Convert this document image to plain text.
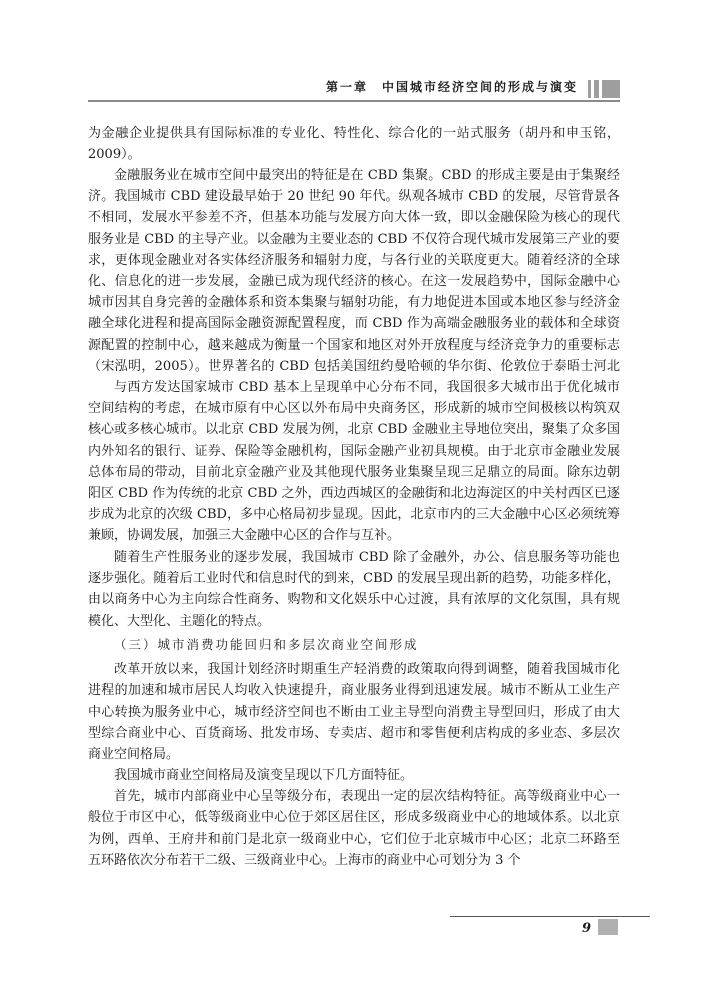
第一章　中国城市经济空间的形成与演变

为金融企业提供具有国际标准的专业化、特性化、综合化的一站式服务（胡丹和申玉铭，2009）。

金融服务业在城市空间中最突出的特征是在 CBD 集聚。CBD 的形成主要是由于集聚经济。我国城市 CBD 建设最早始于 20 世纪 90 年代。纵观各城市 CBD 的发展，尽管背景各不相同，发展水平参差不齐，但基本功能与发展方向大体一致，即以金融保险为核心的现代服务业是 CBD 的主导产业。以金融为主要业态的 CBD 不仅符合现代城市发展第三产业的要求，更体现金融业对各实体经济服务和辐射力度，与各行业的关联度更大。随着经济的全球化、信息化的进一步发展，金融已成为现代经济的核心。在这一发展趋势中，国际金融中心城市因其自身完善的金融体系和资本集聚与辐射功能，有力地促进本国或本地区参与经济金融全球化进程和提高国际金融资源配置程度，而 CBD 作为高端金融服务业的载体和全球资源配置的控制中心，越来越成为衡量一个国家和地区对外开放程度与经济竞争力的重要标志（宋泓明，2005）。世界著名的 CBD 包括美国纽约曼哈顿的华尔街、伦敦位于泰晤士河北

与西方发达国家城市 CBD 基本上呈现单中心分布不同，我国很多大城市出于优化城市空间结构的考虑，在城市原有中心区以外布局中央商务区，形成新的城市空间极核以构筑双核心或多核心城市。以北京 CBD 发展为例，北京 CBD 金融业主导地位突出，聚集了众多国内外知名的银行、证券、保险等金融机构，国际金融产业初具规模。由于北京市金融业发展总体布局的带动，目前北京金融产业及其他现代服务业集聚呈现三足鼎立的局面。除东边朝阳区 CBD 作为传统的北京 CBD 之外，西边西城区的金融街和北边海淀区的中关村西区已逐步成为北京的次级 CBD，多中心格局初步显现。因此，北京市内的三大金融中心区必须统筹兼顾，协调发展，加强三大金融中心区的合作与互补。

随着生产性服务业的逐步发展，我国城市 CBD 除了金融外，办公、信息服务等功能也逐步强化。随着后工业时代和信息时代的到来，CBD 的发展呈现出新的趋势，功能多样化，由以商务中心为主向综合性商务、购物和文化娱乐中心过渡，具有浓厚的文化氛围，具有规模化、大型化、主题化的特点。

（三）城市消费功能回归和多层次商业空间形成

改革开放以来，我国计划经济时期重生产轻消费的政策取向得到调整，随着我国城市化进程的加速和城市居民人均收入快速提升，商业服务业得到迅速发展。城市不断从工业生产中心转换为服务业中心，城市经济空间也不断由工业主导型向消费主导型回归，形成了由大型综合商业中心、百货商场、批发市场、专卖店、超市和零售便利店构成的多业态、多层次商业空间格局。

我国城市商业空间格局及演变呈现以下几方面特征。

首先，城市内部商业中心呈等级分布，表现出一定的层次结构特征。高等级商业中心一般位于市区中心，低等级商业中心位于郊区居住区，形成多级商业中心的地域体系。以北京为例，西单、王府井和前门是北京一级商业中心，它们位于北京城市中心区；北京二环路至五环路依次分布若干二级、三级商业中心。上海市的商业中心可划分为 3 个

9
